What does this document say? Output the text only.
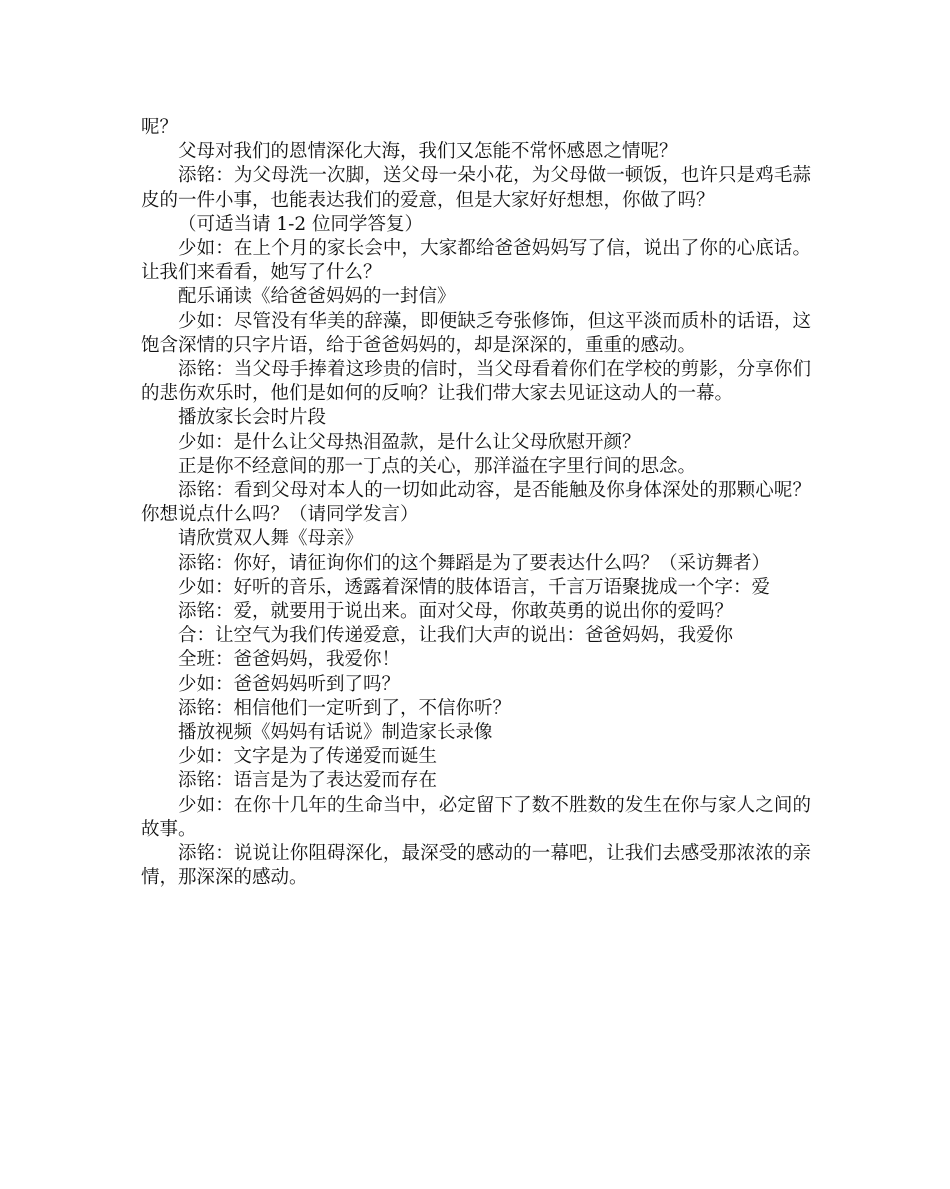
呢？

父母对我们的恩情深化大海，我们又怎能不常怀感恩之情呢？

添铭：为父母洗一次脚，送父母一朵小花，为父母做一顿饭，也许只是鸡毛蒜皮的一件小事，也能表达我们的爱意，但是大家好好想想，你做了吗？

（可适当请 1-2 位同学答复）

少如：在上个月的家长会中，大家都给爸爸妈妈写了信，说出了你的心底话。让我们来看看，她写了什么？

配乐诵读《给爸爸妈妈的一封信》

少如：尽管没有华美的辞藻，即便缺乏夸张修饰，但这平淡而质朴的话语，这饱含深情的只字片语，给于爸爸妈妈的，却是深深的，重重的感动。

添铭：当父母手捧着这珍贵的信时，当父母看着你们在学校的剪影，分享你们的悲伤欢乐时，他们是如何的反响？让我们带大家去见证这动人的一幕。

播放家长会时片段

少如：是什么让父母热泪盈款，是什么让父母欣慰开颜？

正是你不经意间的那一丁点的关心，那洋溢在字里行间的思念。

添铭：看到父母对本人的一切如此动容，是否能触及你身体深处的那颗心呢？你想说点什么吗？（请同学发言）

请欣赏双人舞《母亲》

添铭：你好，请征询你们的这个舞蹈是为了要表达什么吗？（采访舞者）

少如：好听的音乐，透露着深情的肢体语言，千言万语聚拢成一个字：爱

添铭：爱，就要用于说出来。面对父母，你敢英勇的说出你的爱吗？

合：让空气为我们传递爱意，让我们大声的说出：爸爸妈妈，我爱你

全班：爸爸妈妈，我爱你！

少如：爸爸妈妈听到了吗？

添铭：相信他们一定听到了，不信你听？

播放视频《妈妈有话说》制造家长录像

少如：文字是为了传递爱而诞生

添铭：语言是为了表达爱而存在

少如：在你十几年的生命当中，必定留下了数不胜数的发生在你与家人之间的故事。

添铭：说说让你阻碍深化，最深受的感动的一幕吧，让我们去感受那浓浓的亲情，那深深的感动。
